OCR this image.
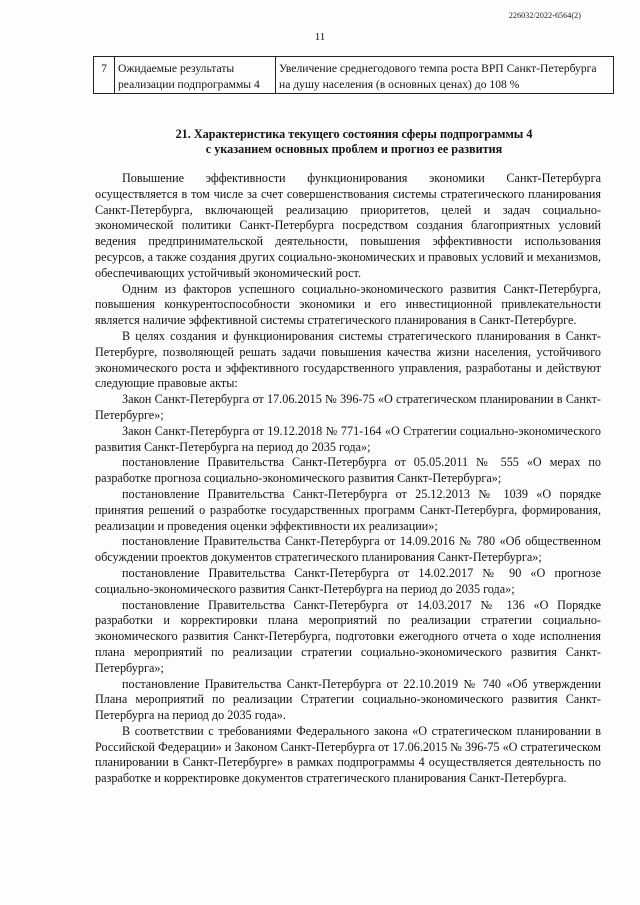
226032/2022-6564(2)
11
7	Ожидаемые результаты реализации подпрограммы 4	Увеличение среднегодового темпа роста ВРП Санкт-Петербурга на душу населения (в основных ценах) до 108 %
21. Характеристика текущего состояния сферы подпрограммы 4
с указанием основных проблем и прогноз ее развития

Повышение эффективности функционирования экономики Санкт-Петербурга осуществляется в том числе за счет совершенствования системы стратегического планирования Санкт-Петербурга, включающей реализацию приоритетов, целей и задач социально-экономической политики Санкт-Петербурга посредством создания благоприятных условий ведения предпринимательской деятельности, повышения эффективности использования ресурсов, а также создания других социально-экономических и правовых условий и механизмов, обеспечивающих устойчивый экономический рост.

Одним из факторов успешного социально-экономического развития Санкт-Петербурга, повышения конкурентоспособности экономики и его инвестиционной привлекательности является наличие эффективной системы стратегического планирования в Санкт-Петербурге.

В целях создания и функционирования системы стратегического планирования в Санкт-Петербурге, позволяющей решать задачи повышения качества жизни населения, устойчивого экономического роста и эффективного государственного управления, разработаны и действуют следующие правовые акты:

Закон Санкт-Петербурга от 17.06.2015 № 396-75 «О стратегическом планировании в Санкт-Петербурге»;

Закон Санкт-Петербурга от 19.12.2018 № 771-164 «О Стратегии социально-экономического развития Санкт-Петербурга на период до 2035 года»;

постановление Правительства Санкт-Петербурга от 05.05.2011 № 555 «О мерах по разработке прогноза социально-экономического развития Санкт-Петербурга»;

постановление Правительства Санкт-Петербурга от 25.12.2013 № 1039 «О порядке принятия решений о разработке государственных программ Санкт-Петербурга, формирования, реализации и проведения оценки эффективности их реализации»;

постановление Правительства Санкт-Петербурга от 14.09.2016 № 780 «Об общественном обсуждении проектов документов стратегического планирования Санкт-Петербурга»;

постановление Правительства Санкт-Петербурга от 14.02.2017 № 90 «О прогнозе социально-экономического развития Санкт-Петербурга на период до 2035 года»;

постановление Правительства Санкт-Петербурга от 14.03.2017 № 136 «О Порядке разработки и корректировки плана мероприятий по реализации стратегии социально-экономического развития Санкт-Петербурга, подготовки ежегодного отчета о ходе исполнения плана мероприятий по реализации стратегии социально-экономического развития Санкт-Петербурга»;

постановление Правительства Санкт-Петербурга от 22.10.2019 № 740 «Об утверждении Плана мероприятий по реализации Стратегии социально-экономического развития Санкт-Петербурга на период до 2035 года».

В соответствии с требованиями Федерального закона «О стратегическом планировании в Российской Федерации» и Законом Санкт-Петербурга от 17.06.2015 № 396-75 «О стратегическом планировании в Санкт-Петербурге» в рамках подпрограммы 4 осуществляется деятельность по разработке и корректировке документов стратегического планирования Санкт-Петербурга.
